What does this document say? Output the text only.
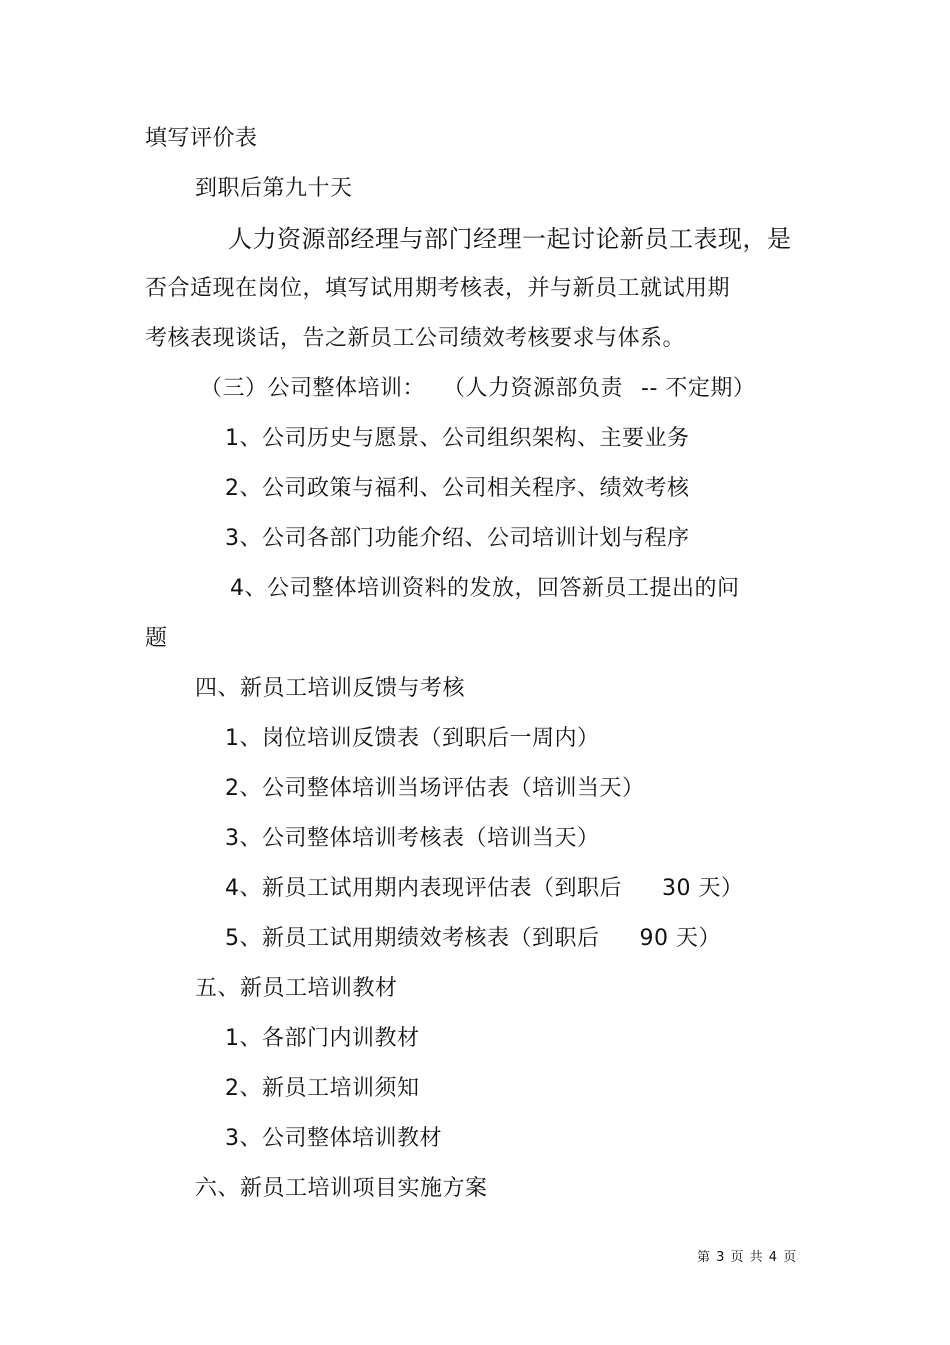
填写评价表
到职后第九十天
人力资源部经理与部门经理一起讨论新员工表现，是
否合适现在岗位，填写试用期考核表，并与新员工就试用期
考核表现谈话，告之新员工公司绩效考核要求与体系。
（三）公司整体培训： （人力资源部负责 -- 不定期）
1、公司历史与愿景、公司组织架构、主要业务
2、公司政策与福利、公司相关程序、绩效考核
3、公司各部门功能介绍、公司培训计划与程序
4、公司整体培训资料的发放，回答新员工提出的问
题
四、新员工培训反馈与考核
1、岗位培训反馈表（到职后一周内）
2、公司整体培训当场评估表（培训当天）
3、公司整体培训考核表（培训当天）
4、新员工试用期内表现评估表（到职后 30 天）
5、新员工试用期绩效考核表（到职后 90 天）
五、新员工培训教材
1、各部门内训教材
2、新员工培训须知
3、公司整体培训教材
六、新员工培训项目实施方案
第 3 页 共 4 页
